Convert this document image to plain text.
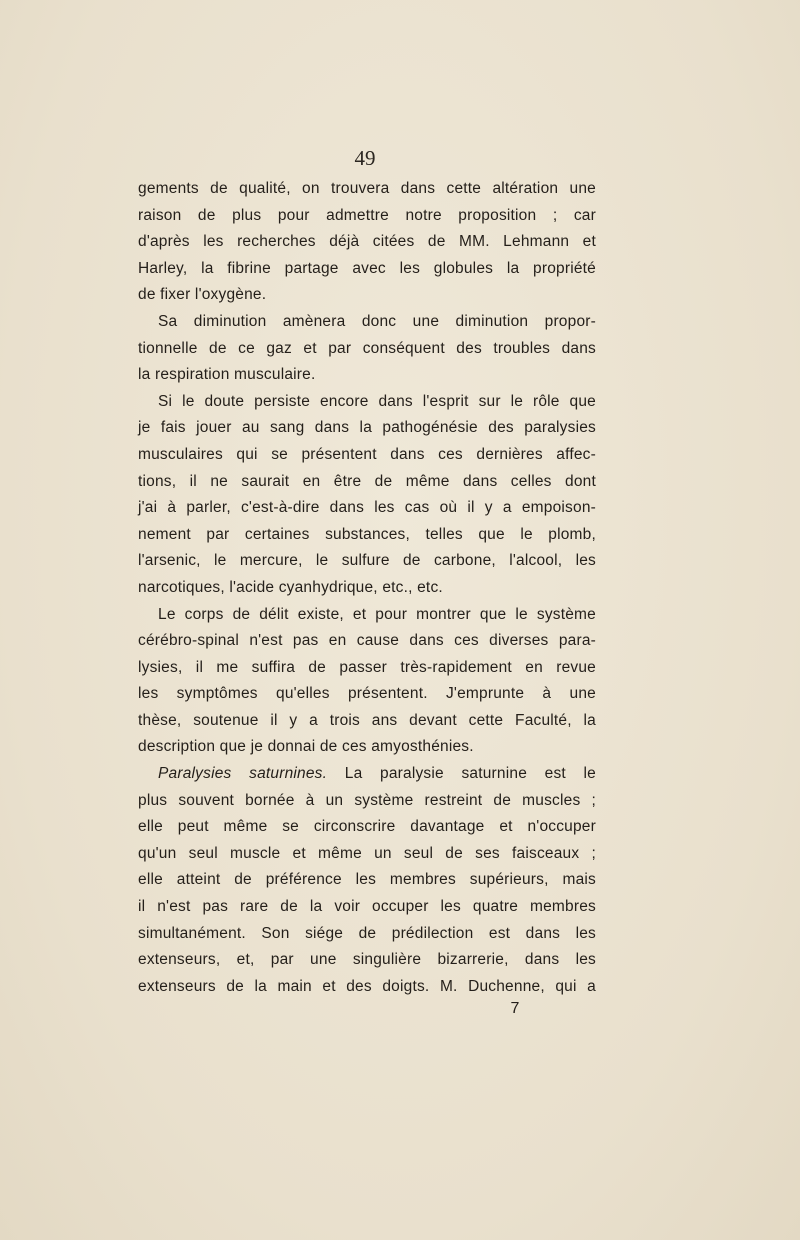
49
gements de qualité, on trouvera dans cette altération une
raison de plus pour admettre notre proposition ; car
d'après les recherches déjà citées de MM. Lehmann et
Harley, la fibrine partage avec les globules la propriété
de fixer l'oxygène.
Sa diminution amènera donc une diminution propor-
tionnelle de ce gaz et par conséquent des troubles dans
la respiration musculaire.
Si le doute persiste encore dans l'esprit sur le rôle que
je fais jouer au sang dans la pathogénésie des paralysies
musculaires qui se présentent dans ces dernières affec-
tions, il ne saurait en être de même dans celles dont
j'ai à parler, c'est-à-dire dans les cas où il y a empoison-
nement par certaines substances, telles que le plomb,
l'arsenic, le mercure, le sulfure de carbone, l'alcool, les
narcotiques, l'acide cyanhydrique, etc., etc.
Le corps de délit existe, et pour montrer que le système
cérébro-spinal n'est pas en cause dans ces diverses para-
lysies, il me suffira de passer très-rapidement en revue
les symptômes qu'elles présentent. J'emprunte à une
thèse, soutenue il y a trois ans devant cette Faculté, la
description que je donnai de ces amyosthénies.
Paralysies saturnines. La paralysie saturnine est le
plus souvent bornée à un système restreint de muscles ;
elle peut même se circonscrire davantage et n'occuper
qu'un seul muscle et même un seul de ses faisceaux ;
elle atteint de préférence les membres supérieurs, mais
il n'est pas rare de la voir occuper les quatre membres
simultanément. Son siége de prédilection est dans les
extenseurs, et, par une singulière bizarrerie, dans les
extenseurs de la main et des doigts. M. Duchenne, qui a
7
